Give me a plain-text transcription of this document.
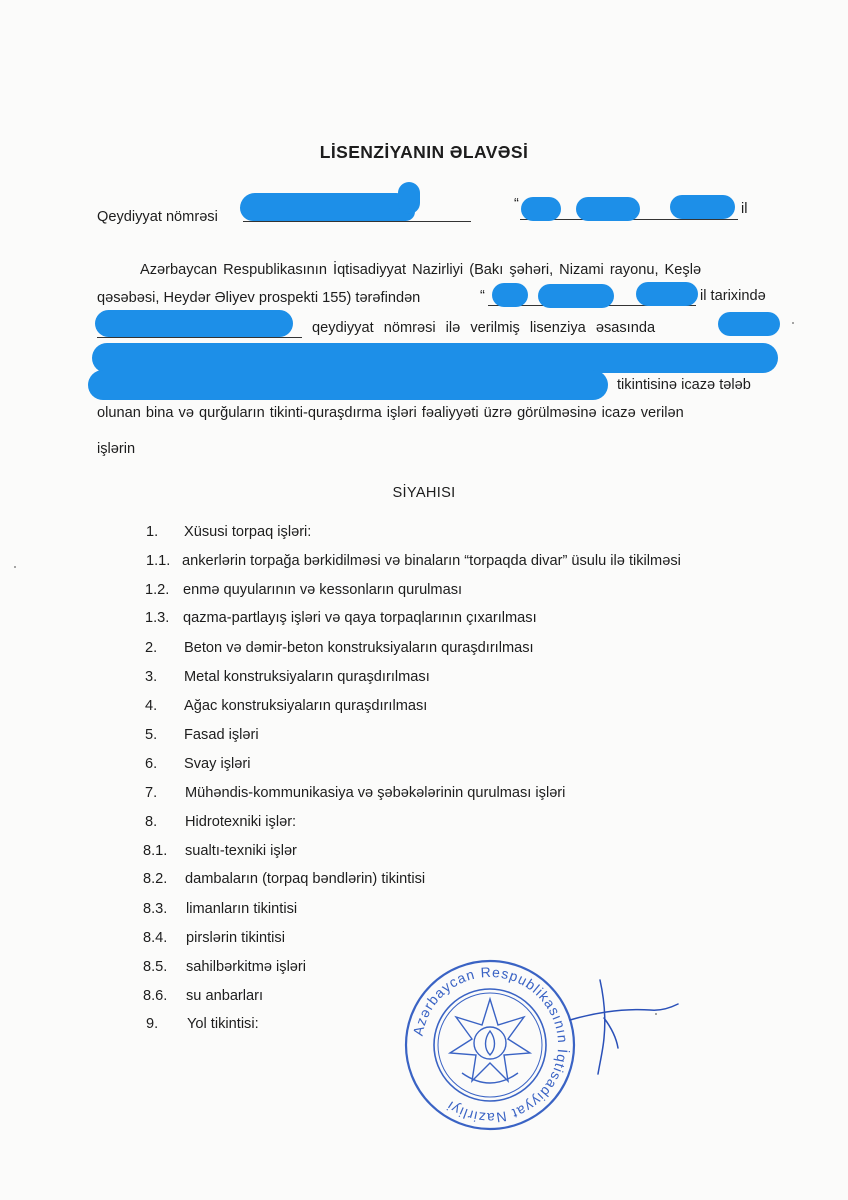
LİSENZİYANIN ƏLAVƏSİ
Qeydiyyat nömrəsi
“	il
Azərbaycan Respublikasının İqtisadiyyat Nazirliyi (Bakı şəhəri, Nizami rayonu, Keşlə
qəsəbəsi, Heydər Əliyev prospekti 155) tərəfindən	“	il tarixində
qeydiyyat nömrəsi ilə verilmiş lisenziya əsasında
tikintisinə icazə tələb
olunan bina və qurğuların tikinti-quraşdırma işləri fəaliyyəti üzrə görülməsinə icazə verilən
işlərin
SİYAHISI
1. Xüsusi torpaq işləri:
1.1. ankerlərin torpağa bərkidilməsi və binaların “torpaqda divar” üsulu ilə tikilməsi
1.2. enmə quyularının və kessonların qurulması
1.3. qazma-partlayış işləri və qaya torpaqlarının çıxarılması
2. Beton və dəmir-beton konstruksiyaların quraşdırılması
3. Metal konstruksiyaların quraşdırılması
4. Ağac konstruksiyaların quraşdırılması
5. Fasad işləri
6. Svay işləri
7. Mühəndis-kommunikasiya və şəbəkələrinin qurulması işləri
8. Hidrotexniki işlər:
8.1. sualtı-texniki işlər
8.2. dambaların (torpaq bəndlərin) tikintisi
8.3. limanların tikintisi
8.4. pirslərin tikintisi
8.5. sahilbərkitmə işləri
8.6. su anbarları
9. Yol tikintisi:	Azərbaycan Respublikasının İqtisadiyyat Nazirliyi
